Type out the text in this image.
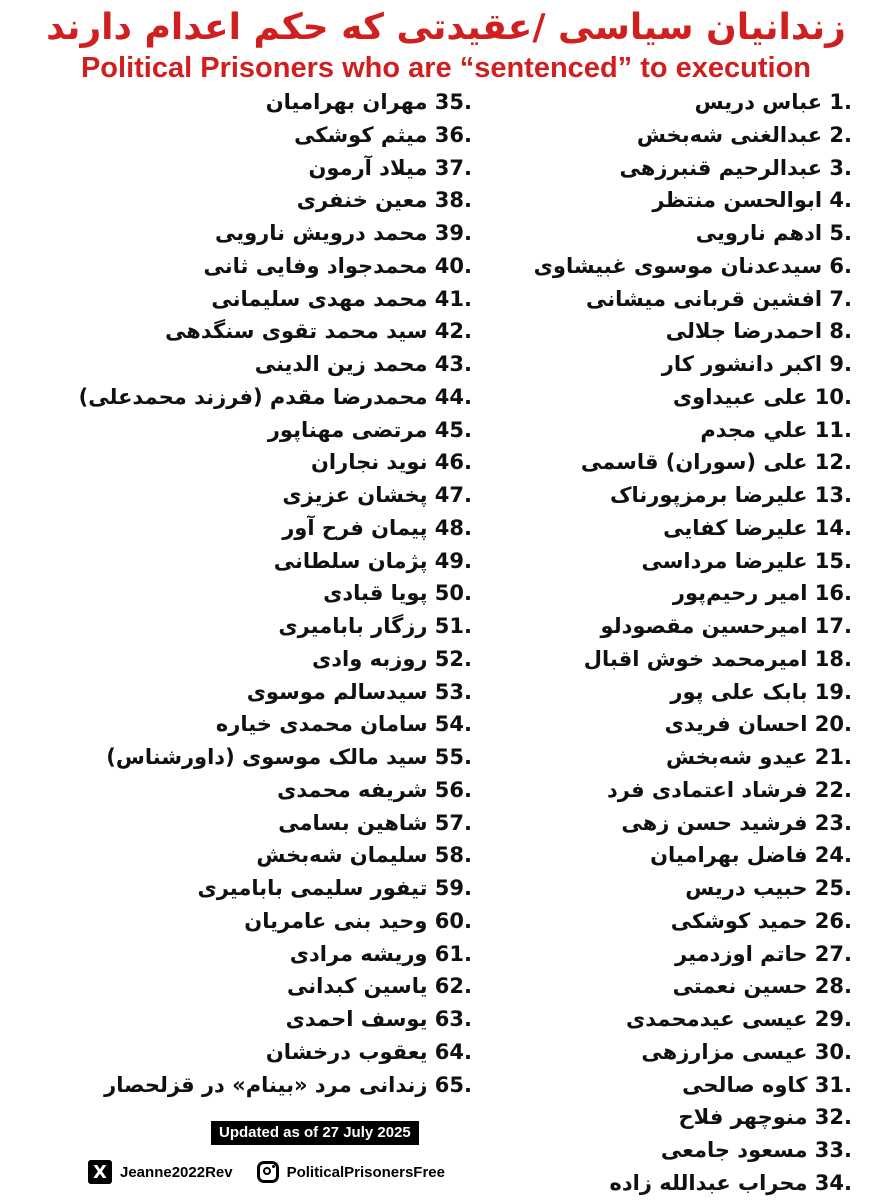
زندانیان سیاسی /عقیدتی که حکم اعدام دارند
Political Prisoners who are “sentenced” to execution
1. عباس دریس
2. عبدالغنی شه‌بخش
3. عبدالرحیم قنبرزهی
4. ابوالحسن منتظر
5. ادهم نارویی
6. سیدعدنان موسوی غبیشاوی
7. افشین قربانی میشانی
8. احمدرضا جلالی
9. اکبر دانشور کار
10. علی عبیداوی
11. علي مجدم
12. علی (سوران) قاسمی
13. علیرضا برمزپورناک
14. علیرضا کفایی
15. علیرضا مرداسی
16. امیر رحیم‌پور
17. امیرحسین مقصودلو
18. امیرمحمد خوش اقبال
19. بابک علی پور
20. احسان فریدی
21. عیدو شه‌بخش
22. فرشاد اعتمادی فرد
23. فرشید حسن زهی
24. فاضل بهرامیان
25. حبیب دریس
26. حمید کوشکی
27. حاتم اوزدمیر
28. حسین نعمتی
29. عیسی عیدمحمدی
30. عیسی مزارزهی
31. کاوه صالحی
32. منوچهر فلاح
33. مسعود جامعی
34. محراب عبدالله زاده
35. مهران بهرامیان
36. میثم کوشکی
37. میلاد آرمون
38. معین خنفری
39. محمد درویش نارویی
40. محمدجواد وفایی ثانی
41. محمد مهدی سلیمانی
42. سید محمد تقوی سنگدهی
43. محمد زین الدینی
44. محمدرضا مقدم (فرزند محمدعلی)
45. مرتضی مهناپور
46. نوید نجاران
47. پخشان عزیزی
48. پیمان فرح آور
49. پژمان سلطانی
50. پویا قبادی
51. رزگار بابامیری
52. روزبه وادی
53. سیدسالم موسوی
54. سامان محمدی خیاره
55. سید مالک موسوی (داورشناس)
56. شریفه محمدی
57. شاهین بسامی
58. سلیمان شه‌بخش
59. تیفور سلیمی بابامیری
60. وحید بنی عامریان
61. وریشه مرادی
62. یاسین کبدانی
63. یوسف احمدی
64. یعقوب درخشان
65. زندانی مرد «بینام» در قزلحصار
Updated as of 27 July 2025
X Jeanne2022Rev	PoliticalPrisonersFree
